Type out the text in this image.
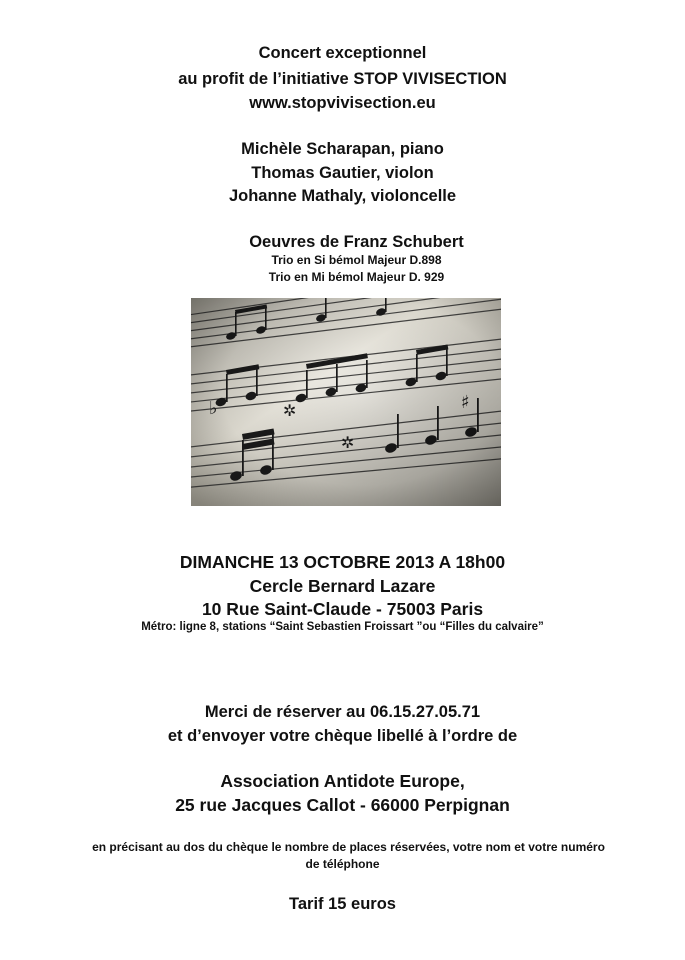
Concert exceptionnel
au profit de l’initiative STOP VIVISECTION
www.stopvivisection.eu
Michèle Scharapan, piano
Thomas Gautier, violon
Johanne Mathaly, violoncelle
Oeuvres de Franz Schubert
Trio en Si bémol Majeur D.898
Trio en Mi bémol Majeur D. 929
DIMANCHE 13 OCTOBRE 2013 A 18h00
Cercle Bernard Lazare
10 Rue Saint-Claude - 75003 Paris
Métro: ligne 8, stations “Saint Sebastien Froissart ”ou “Filles du calvaire”
Merci de réserver au 06.15.27.05.71
et d’envoyer votre chèque libellé à l’ordre de
Association Antidote Europe,
25 rue Jacques Callot - 66000 Perpignan
en précisant au dos du chèque le nombre de places réservées, votre nom et votre numéro
de téléphone
Tarif 15 euros
